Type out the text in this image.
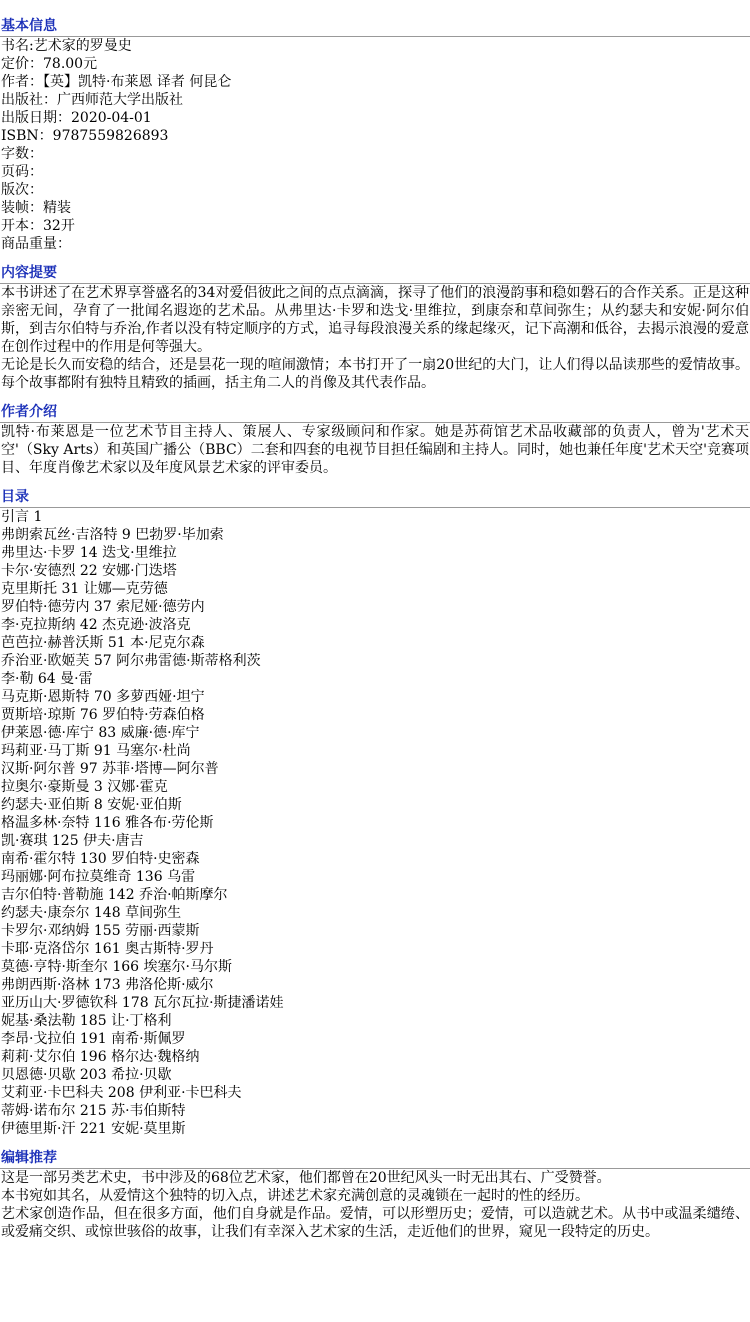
基本信息
书名:艺术家的罗曼史
定价：78.00元
作者：【英】凯特·布莱恩 译者 何昆仑
出版社：广西师范大学出版社
出版日期：2020-04-01
ISBN：9787559826893
字数：
页码：
版次：
装帧：精装
开本：32开
商品重量：
内容提要

本书讲述了在艺术界享誉盛名的34对爱侣彼此之间的点点滴滴，探寻了他们的浪漫韵事和稳如磐石的合作关系。正是这种亲密无间，孕育了一批闻名遐迩的艺术品。从弗里达·卡罗和迭戈·里维拉，到康奈和草间弥生；从约瑟夫和安妮·阿尔伯斯，到吉尔伯特与乔治,作者以没有特定顺序的方式，追寻每段浪漫关系的缘起缘灭，记下高潮和低谷，去揭示浪漫的爱意在创作过程中的作用是何等强大。

无论是长久而安稳的结合，还是昙花一现的喧闹激情；本书打开了一扇20世纪的大门，让人们得以品读那些的爱情故事。每个故事都附有独特且精致的插画，括主角二人的肖像及其代表作品。

作者介绍

凯特·布莱恩是一位艺术节目主持人、策展人、专家级顾问和作家。她是苏荷馆艺术品收藏部的负责人，曾为'艺术天空'（Sky Arts）和英国广播公（BBC）二套和四套的电视节目担任编剧和主持人。同时，她也兼任年度'艺术天空'竞赛项目、年度肖像艺术家以及年度风景艺术家的评审委员。

目录
引言 1
弗朗索瓦丝·吉洛特 9 巴勃罗·毕加索
弗里达·卡罗 14 迭戈·里维拉
卡尔·安德烈 22 安娜·门迭塔
克里斯托 31 让娜—克劳德
罗伯特·德劳内 37 索尼娅·德劳内
李·克拉斯纳 42 杰克逊·波洛克
芭芭拉·赫普沃斯 51 本·尼克尔森
乔治亚·欧姬芙 57 阿尔弗雷德·斯蒂格利茨
李·勒 64 曼·雷
马克斯·恩斯特 70 多萝西娅·坦宁
贾斯培·琼斯 76 罗伯特·劳森伯格
伊莱恩·德·库宁 83 威廉·德·库宁
玛莉亚·马丁斯 91 马塞尔·杜尚
汉斯·阿尔普 97 苏菲·塔博—阿尔普
拉奥尔·豪斯曼 3 汉娜·霍克
约瑟夫·亚伯斯 8 安妮·亚伯斯
格温多林·奈特 116 雅各布·劳伦斯
凯·赛琪 125 伊夫·唐吉
南希·霍尔特 130 罗伯特·史密森
玛丽娜·阿布拉莫维奇 136 乌雷
吉尔伯特·普勒施 142 乔治·帕斯摩尔
约瑟夫·康奈尔 148 草间弥生
卡罗尔·邓纳姆 155 劳丽·西蒙斯
卡耶·克洛岱尔 161 奥古斯特·罗丹
莫德·亨特·斯奎尔 166 埃塞尔·马尔斯
弗朗西斯·洛林 173 弗洛伦斯·威尔
亚历山大·罗德钦科 178 瓦尔瓦拉·斯捷潘诺娃
妮基·桑法勒 185 让·丁格利
李昂·戈拉伯 191 南希·斯佩罗
莉莉·艾尔伯 196 格尔达·魏格纳
贝恩德·贝歇 203 希拉·贝歇
艾莉亚·卡巴科夫 208 伊利亚·卡巴科夫
蒂姆·诺布尔 215 苏·韦伯斯特
伊德里斯·汗 221 安妮·莫里斯
编辑推荐

这是一部另类艺术史，书中涉及的68位艺术家，他们都曾在20世纪风头一时无出其右、广受赞誉。

本书宛如其名，从爱情这个独特的切入点，讲述艺术家充满创意的灵魂锁在一起时的性的经历。

艺术家创造作品，但在很多方面，他们自身就是作品。爱情，可以形塑历史；爱情，可以造就艺术。从书中或温柔缱绻、或爱痛交织、或惊世骇俗的故事，让我们有幸深入艺术家的生活，走近他们的世界，窥见一段特定的历史。
